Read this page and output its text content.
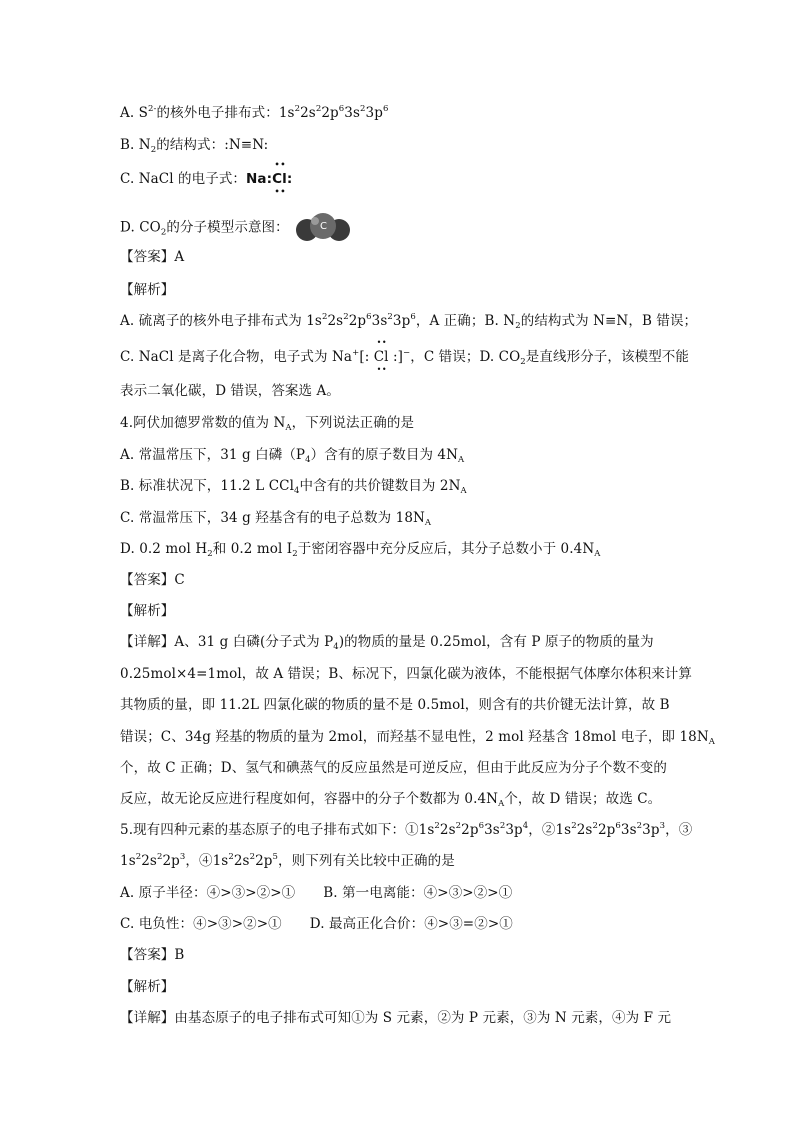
A. $S^{2-}$的核外电子排布式：$1s^22s^22p^63s^23p^6$
B. $N_2$的结构式：:N≡N:
C. NaCl 的电子式：Na:
• •
Cl
• •
:
D. $CO_2$的分子模型示意图：	C
【答案】A
【解析】
A. 硫离子的核外电子排布式为 $1s^22s^22p^63s^23p^6$，A 正确；B. $N_2$的结构式为 N≡N，B 错误；
C. NaCl 是离子化合物，电子式为 Na+
• •
[: Cl :]
• •
−，C 错误；D. $CO_2$是直线形分子，该模型不能
表示二氧化碳，D 错误，答案选 A。
4.阿伏加德罗常数的值为 $N_A$，下列说法正确的是
A. 常温常压下，31 g 白磷$(P_4)$含有的原子数目为 $4N_A$
B. 标准状况下，11.2 L CCl$_4$中含有的共价键数目为 $2N_A$
C. 常温常压下，34 g 羟基含有的电子总数为 $18N_A$
D. 0.2 mol $H_2$和 0.2 mol $I_2$于密闭容器中充分反应后，其分子总数小于 $0.4N_A$
【答案】C
【解析】
【详解】A、31 g 白磷(分子式为 $P_4$)的物质的量是 0.25mol，含有 P 原子的物质的量为
0.25mol×4=1mol，故 A 错误；B、标况下，四氯化碳为液体，不能根据气体摩尔体积来计算
其物质的量，即 11.2L 四氯化碳的物质的量不是 0.5mol，则含有的共价键无法计算，故 B
错误；C、34g 羟基的物质的量为 2mol，而羟基不显电性，2 mol 羟基含 18mol 电子，即 $18N_A$
个，故 C 正确；D、氢气和碘蒸气的反应虽然是可逆反应，但由于此反应为分子个数不变的
反应，故无论反应进行程度如何，容器中的分子个数都为 $0.4N_A$个，故 D 错误；故选 C。
5.现有四种元素的基态原子的电子排布式如下：$①1s^22s^22p^63s^23p^4$，$②1s^22s^22p^63s^23p^3$，③
$1s^22s^22p^3$，$④1s^22s^22p^5$，则下列有关比较中正确的是
A. 原子半径：④>③>②>① B. 第一电离能：④>③>②>①
C. 电负性：④>③>②>① D. 最高正化合价：④>③=②>①
【答案】B
【解析】
【详解】由基态原子的电子排布式可知①为 S 元素，②为 P 元素，③为 N 元素，④为 F 元
